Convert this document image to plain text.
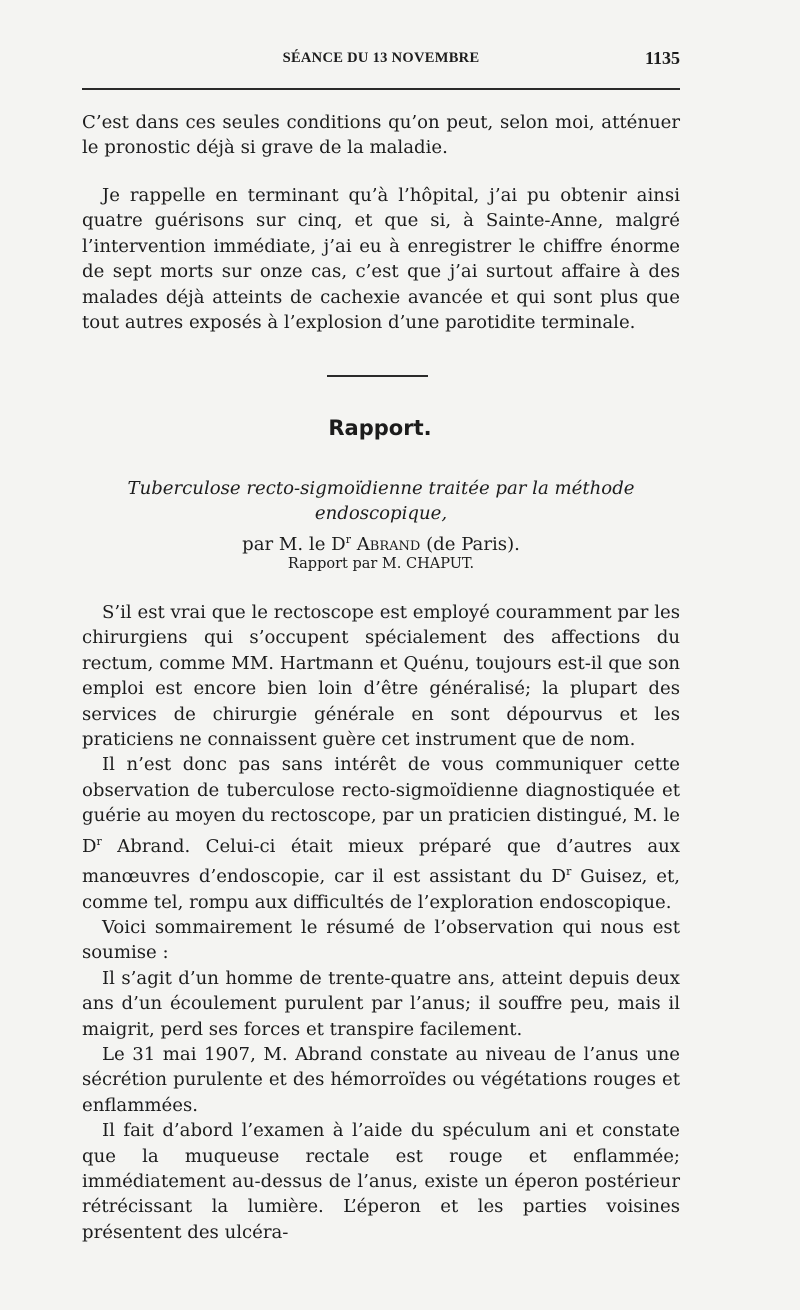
SÉANCE DU 13 NOVEMBRE	1135

C’est dans ces seules conditions qu’on peut, selon moi, atténuer le pronostic déjà si grave de la maladie.

Je rappelle en terminant qu’à l’hôpital, j’ai pu obtenir ainsi quatre guérisons sur cinq, et que si, à Sainte-Anne, malgré l’intervention immédiate, j’ai eu à enregistrer le chiffre énorme de sept morts sur onze cas, c’est que j’ai surtout affaire à des malades déjà atteints de cachexie avancée et qui sont plus que tout autres exposés à l’explosion d’une parotidite terminale.

Rapport.
Tuberculose recto-sigmoïdienne traitée par la méthode endoscopique,
par M. le $D^r$ Abrand (de Paris).
Rapport par M. CHAPUT.

S’il est vrai que le rectoscope est employé couramment par les chirurgiens qui s’occupent spécialement des affections du rectum, comme MM. Hartmann et Quénu, toujours est-il que son emploi est encore bien loin d’être généralisé; la plupart des services de chirurgie générale en sont dépourvus et les praticiens ne connaissent guère cet instrument que de nom.

Il n’est donc pas sans intérêt de vous communiquer cette observation de tuberculose recto-sigmoïdienne diagnostiquée et guérie au moyen du rectoscope, par un praticien distingué, M. le $D^r$ Abrand. Celui-ci était mieux préparé que d’autres aux manœuvres d’endoscopie, car il est assistant du $D^r$ Guisez, et, comme tel, rompu aux difficultés de l’exploration endoscopique.

Voici sommairement le résumé de l’observation qui nous est soumise :

Il s’agit d’un homme de trente-quatre ans, atteint depuis deux ans d’un écoulement purulent par l’anus; il souffre peu, mais il maigrit, perd ses forces et transpire facilement.

Le 31 mai 1907, M. Abrand constate au niveau de l’anus une sécrétion purulente et des hémorroïdes ou végétations rouges et enflammées.

Il fait d’abord l’examen à l’aide du spéculum ani et constate que la muqueuse rectale est rouge et enflammée; immédiatement au-dessus de l’anus, existe un éperon postérieur rétrécissant la lumière. L’éperon et les parties voisines présentent des ulcéra-
